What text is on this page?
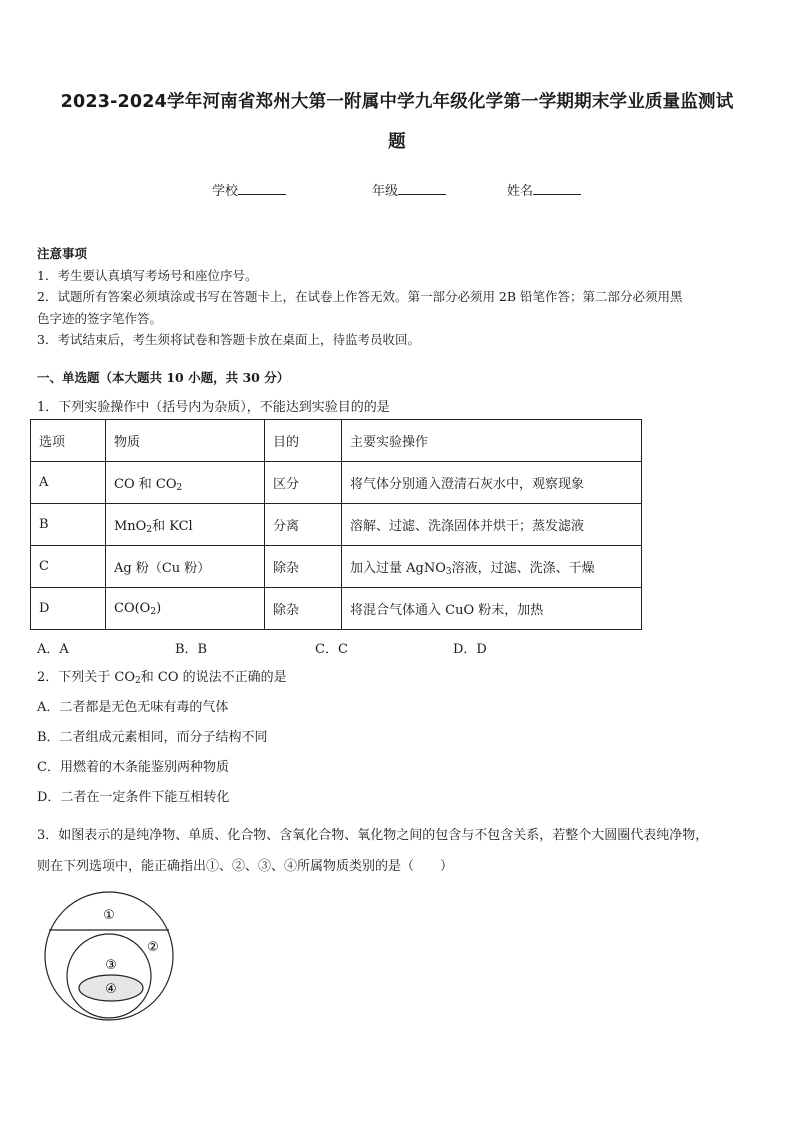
2023-2024学年河南省郑州大第一附属中学九年级化学第一学期期末学业质量监测试
题
学校	年级	姓名
注意事项
1．考生要认真填写考场号和座位序号。
2．试题所有答案必须填涂或书写在答题卡上，在试卷上作答无效。第一部分必须用 2B 铅笔作答；第二部分必须用黑
色字迹的签字笔作答。
3．考试结束后，考生须将试卷和答题卡放在桌面上，待监考员收回。
一、单选题（本大题共 10 小题，共 30 分）
1．下列实验操作中（括号内为杂质），不能达到实验目的的是
选项	物质	目的	主要实验操作
A	CO 和 $CO_2$	区分	将气体分别通入澄清石灰水中，观察现象
B	MnO$_2$和 KCl	分离	溶解、过滤、洗涤固体并烘干；蒸发滤液
C	Ag 粉（Cu 粉）	除杂	加入过量 AgNO$_3$溶液，过滤、洗涤、干燥
D	$CO(O_2)$	除杂	将混合气体通入 CuO 粉末，加热
A．A	B．B	C．C	D．D
2．下列关于 $CO_2$和 CO 的说法不正确的是
A．二者都是无色无味有毒的气体
B．二者组成元素相同，而分子结构不同
C．用燃着的木条能鉴别两种物质
D．二者在一定条件下能互相转化
3．如图表示的是纯净物、单质、化合物、含氧化合物、氧化物之间的包含与不包含关系，若整个大圆圈代表纯净物，
则在下列选项中，能正确指出①、②、③、④所属物质类别的是（　　）
①
②
③
④
